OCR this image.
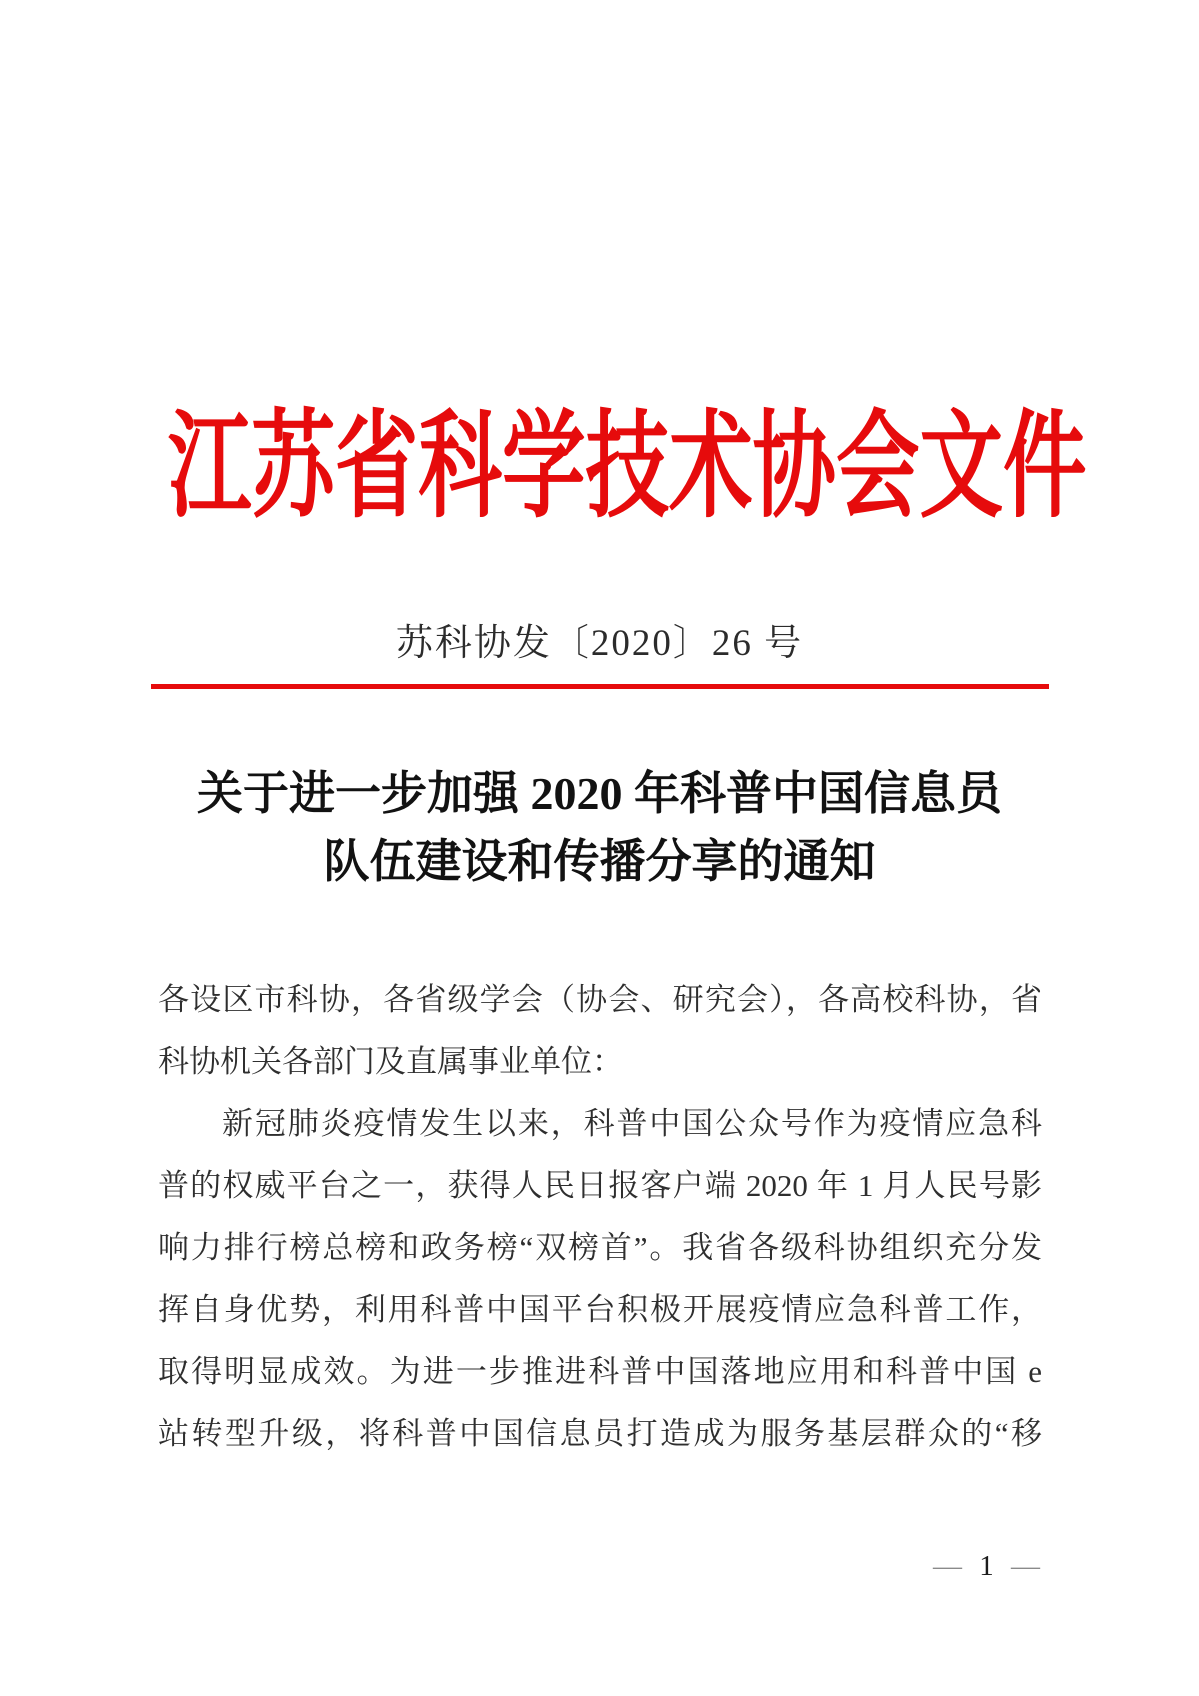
江苏省科学技术协会文件
苏科协发〔2020〕26 号
关于进一步加强 2020 年科普中国信息员
队伍建设和传播分享的通知
各设区市科协，各省级学会（协会、研究会），各高校科协，省
科协机关各部门及直属事业单位：
新冠肺炎疫情发生以来，科普中国公众号作为疫情应急科
普的权威平台之一，获得人民日报客户端 2020 年 1 月人民号影
响力排行榜总榜和政务榜“双榜首”。我省各级科协组织充分发
挥自身优势，利用科普中国平台积极开展疫情应急科普工作，
取得明显成效。为进一步推进科普中国落地应用和科普中国 e
站转型升级，将科普中国信息员打造成为服务基层群众的“移
— 1 —
